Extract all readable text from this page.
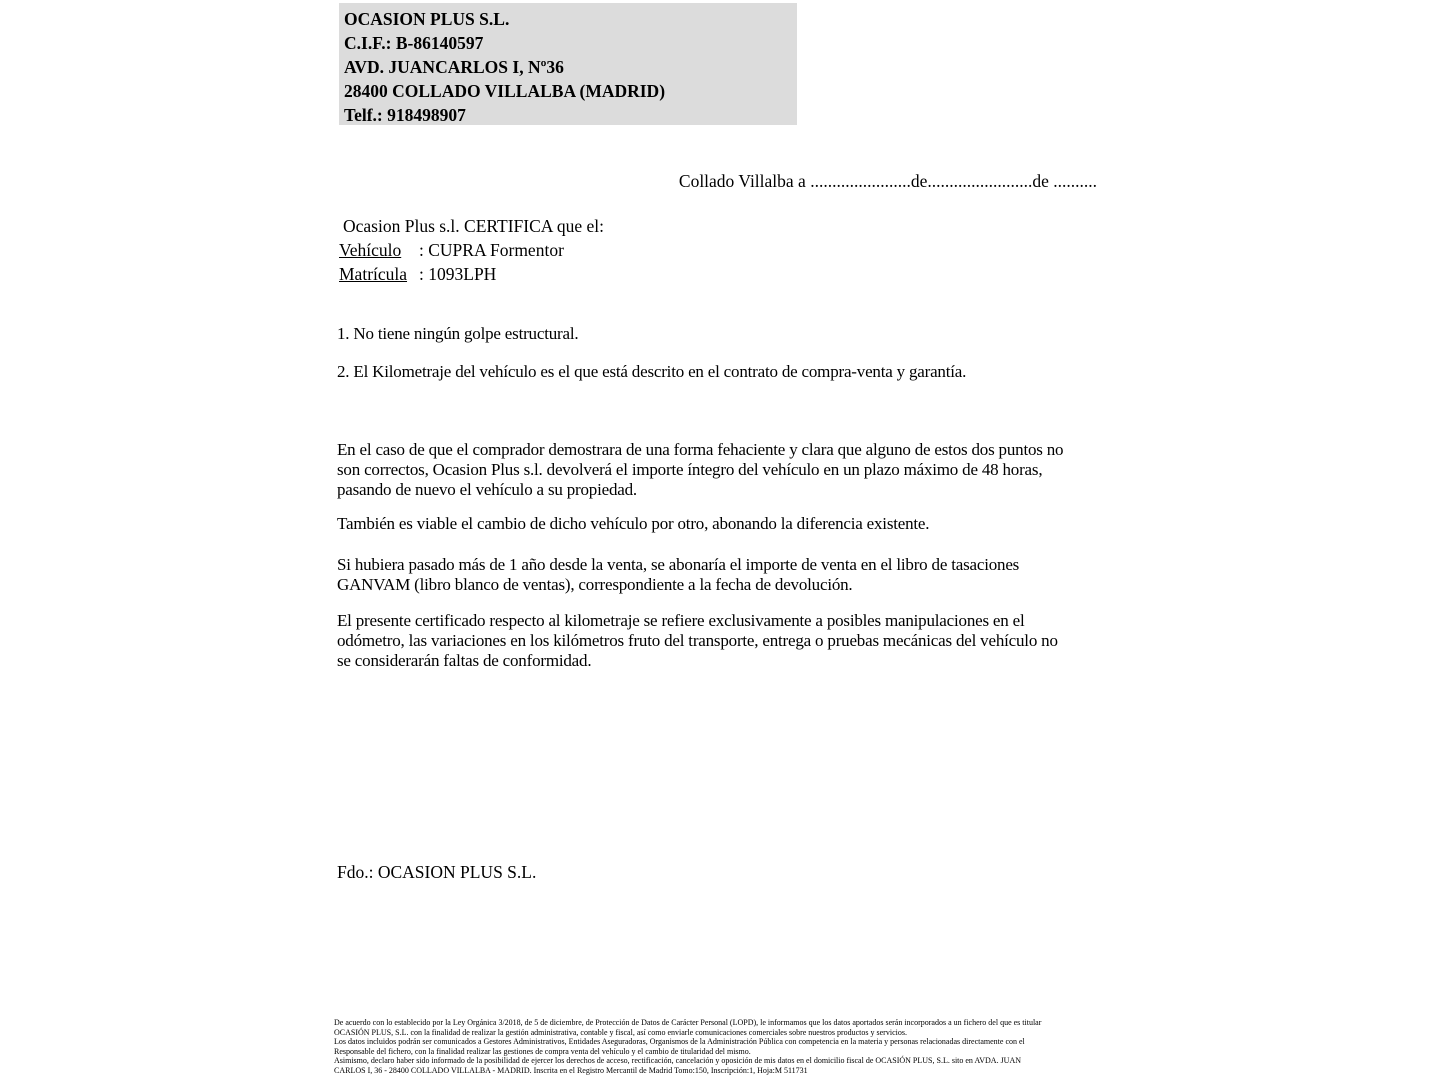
OCASION PLUS S.L.
C.I.F.: B-86140597
AVD. JUANCARLOS I, Nº36
28400 COLLADO VILLALBA (MADRID)
Telf.: 918498907
Collado Villalba a .......................de........................de ..........
Ocasion Plus s.l. CERTIFICA que el:
Vehículo : CUPRA Formentor
Matrícula : 1093LPH
1. No tiene ningún golpe estructural.
2. El Kilometraje del vehículo es el que está descrito en el contrato de compra-venta y garantía.
En el caso de que el comprador demostrara de una forma fehaciente y clara que alguno de estos dos puntos no
son correctos, Ocasion Plus s.l. devolverá el importe íntegro del vehículo en un plazo máximo de 48 horas,
pasando de nuevo el vehículo a su propiedad.
También es viable el cambio de dicho vehículo por otro, abonando la diferencia existente.
Si hubiera pasado más de 1 año desde la venta, se abonaría el importe de venta en el libro de tasaciones
GANVAM (libro blanco de ventas), correspondiente a la fecha de devolución.
El presente certificado respecto al kilometraje se refiere exclusivamente a posibles manipulaciones en el
odómetro, las variaciones en los kilómetros fruto del transporte, entrega o pruebas mecánicas del vehículo no
se considerarán faltas de conformidad.
Fdo.: OCASION PLUS S.L.
De acuerdo con lo establecido por la Ley Orgánica 3/2018, de 5 de diciembre, de Protección de Datos de Carácter Personal (LOPD), le informamos que los datos aportados serán incorporados a un fichero del que es titular
OCASIÓN PLUS, S.L. con la finalidad de realizar la gestión administrativa, contable y fiscal, así como enviarle comunicaciones comerciales sobre nuestros productos y servicios.
Los datos incluidos podrán ser comunicados a Gestores Administrativos, Entidades Aseguradoras, Organismos de la Administración Pública con competencia en la materia y personas relacionadas directamente con el
Responsable del fichero, con la finalidad realizar las gestiones de compra venta del vehículo y el cambio de titularidad del mismo.
Asimismo, declaro haber sido informado de la posibilidad de ejercer los derechos de acceso, rectificación, cancelación y oposición de mis datos en el domicilio fiscal de OCASIÓN PLUS, S.L. sito en AVDA. JUAN
CARLOS I, 36 - 28400 COLLADO VILLALBA - MADRID. Inscrita en el Registro Mercantil de Madrid Tomo:150, Inscripción:1, Hoja:M 511731
